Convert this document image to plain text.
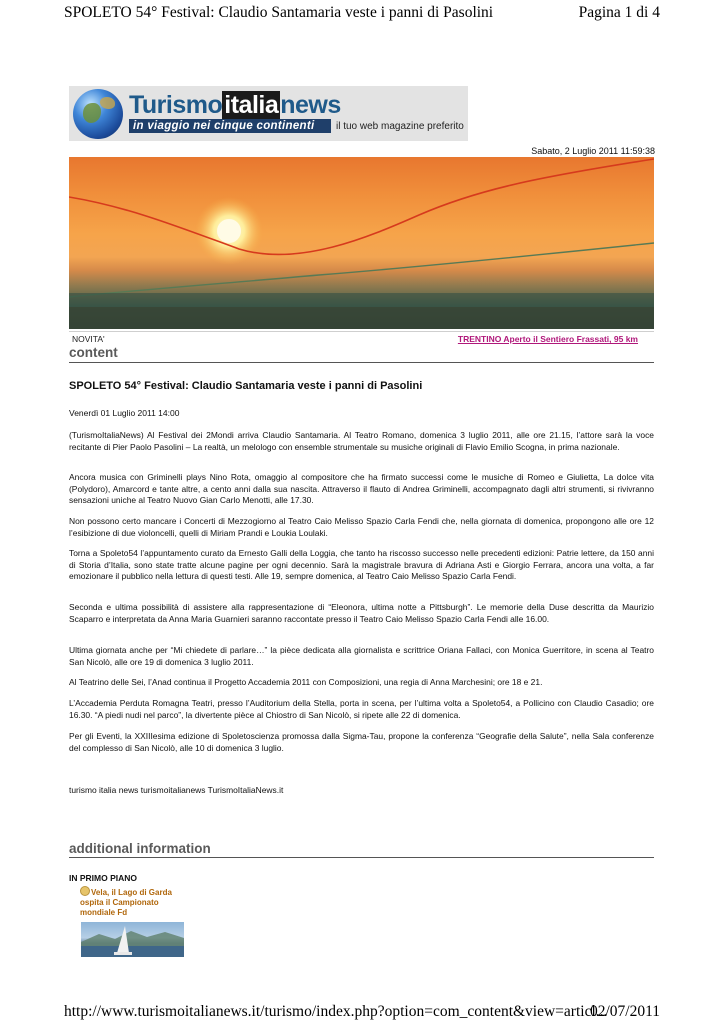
SPOLETO 54° Festival: Claudio Santamaria veste i panni di Pasolini	Pagina 1 di 4
Turismoitalianews
in viaggio nei cinque continenti	il tuo web magazine preferito
Sabato, 2 Luglio 2011 11:59:38
NOVITA'	TRENTINO Aperto il Sentiero Frassati, 95 km
content
SPOLETO 54° Festival: Claudio Santamaria veste i panni di Pasolini
Venerdì 01 Luglio 2011 14:00

(TurismoItaliaNews) Al Festival dei 2Mondi arriva Claudio Santamaria. Al Teatro Romano, domenica 3 luglio 2011, alle ore 21.15, l’attore sarà la voce recitante di Pier Paolo Pasolini – La realtà, un melologo con ensemble strumentale su musiche originali di Flavio Emilio Scogna, in prima nazionale.

Ancora musica con Griminelli plays Nino Rota, omaggio al compositore che ha firmato successi come le musiche di Romeo e Giulietta, La dolce vita (Polydoro), Amarcord e tante altre, a cento anni dalla sua nascita. Attraverso il flauto di Andrea Griminelli, accompagnato dagli altri strumenti, si rivivranno sensazioni uniche al Teatro Nuovo Gian Carlo Menotti, alle 17.30.

Non possono certo mancare i Concerti di Mezzogiorno al Teatro Caio Melisso Spazio Carla Fendi che, nella giornata di domenica, propongono alle ore 12 l’esibizione di due violoncelli, quelli di Miriam Prandi e Loukia Loulaki.

Torna a Spoleto54 l’appuntamento curato da Ernesto Galli della Loggia, che tanto ha riscosso successo nelle precedenti edizioni: Patrie lettere, da 150 anni di Storia d’Italia, sono state tratte alcune pagine per ogni decennio. Sarà la magistrale bravura di Adriana Asti e Giorgio Ferrara, ancora una volta, a far emozionare il pubblico nella lettura di questi testi. Alle 19, sempre domenica, al Teatro Caio Melisso Spazio Carla Fendi.

Seconda e ultima possibilità di assistere alla rappresentazione di “Eleonora, ultima notte a Pittsburgh”. Le memorie della Duse descritta da Maurizio Scaparro e interpretata da Anna Maria Guarnieri saranno raccontate presso il Teatro Caio Melisso Spazio Carla Fendi alle 16.00.

Ultima giornata anche per “Mi chiedete di parlare…” la pièce dedicata alla giornalista e scrittrice Oriana Fallaci, con Monica Guerritore, in scena al Teatro San Nicolò, alle ore 19 di domenica 3 luglio 2011.

Al Teatrino delle Sei, l’Anad continua il Progetto Accademia 2011 con Composizioni, una regia di Anna Marchesini; ore 18 e 21.

L’Accademia Perduta Romagna Teatri, presso l’Auditorium della Stella, porta in scena, per l’ultima volta a Spoleto54, a Pollicino con Claudio Casadio; ore 16.30. “A piedi nudi nel parco”, la divertente pièce al Chiostro di San Nicolò, si ripete alle 22 di domenica.

Per gli Eventi, la XXIIIesima edizione di Spoletoscienza promossa dalla Sigma-Tau, propone la conferenza “Geografie della Salute”, nella Sala conferenze del complesso di San Nicolò, alle 10 di domenica 3 luglio.

turismo italia news turismoitalianews TurismoItaliaNews.it
additional information
IN PRIMO PIANO
Vela, il Lago di Garda ospita il Campionato mondiale Fd
http://www.turismoitalianews.it/turismo/index.php?option=com_content&view=articl...
02/07/2011
